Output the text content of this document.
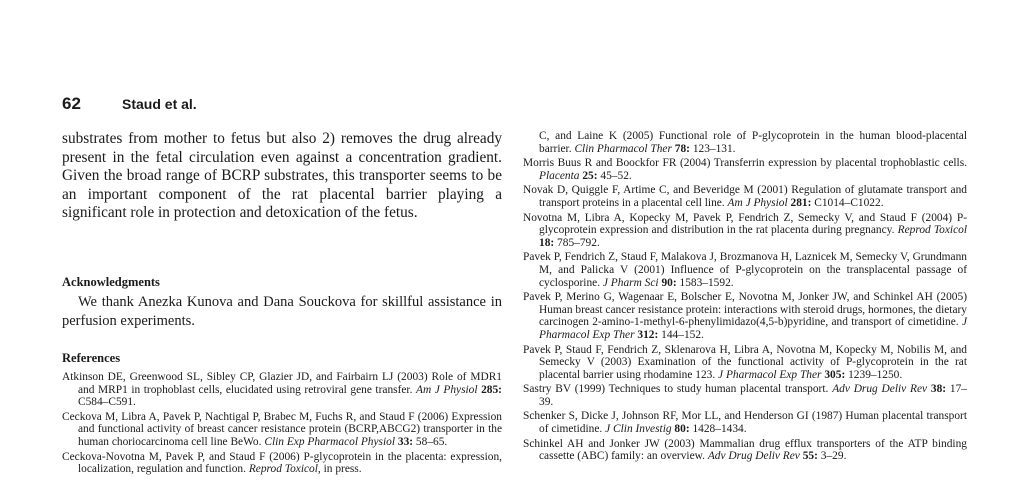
62	Staud et al.

substrates from mother to fetus but also 2) removes the drug already present in the fetal circulation even against a concentration gradient. Given the broad range of BCRP substrates, this transporter seems to be an important component of the rat placental barrier playing a significant role in protection and detoxication of the fetus.

Acknowledgments

We thank Anezka Kunova and Dana Souckova for skillful assistance in perfusion experiments.

References
Atkinson DE, Greenwood SL, Sibley CP, Glazier JD, and Fairbairn LJ (2003) Role of MDR1 and MRP1 in trophoblast cells, elucidated using retroviral gene transfer. Am J Physiol 285: C584–C591.
Ceckova M, Libra A, Pavek P, Nachtigal P, Brabec M, Fuchs R, and Staud F (2006) Expression and functional activity of breast cancer resistance protein (BCRP,ABCG2) transporter in the human choriocarcinoma cell line BeWo. Clin Exp Pharmacol Physiol 33: 58–65.
Ceckova-Novotna M, Pavek P, and Staud F (2006) P-glycoprotein in the placenta: expression, localization, regulation and function. Reprod Toxicol, in press.
C, and Laine K (2005) Functional role of P-glycoprotein in the human blood-placental barrier. Clin Pharmacol Ther 78: 123–131.
Morris Buus R and Boockfor FR (2004) Transferrin expression by placental trophoblastic cells. Placenta 25: 45–52.
Novak D, Quiggle F, Artime C, and Beveridge M (2001) Regulation of glutamate transport and transport proteins in a placental cell line. Am J Physiol 281: C1014–C1022.
Novotna M, Libra A, Kopecky M, Pavek P, Fendrich Z, Semecky V, and Staud F (2004) P-glycoprotein expression and distribution in the rat placenta during pregnancy. Reprod Toxicol 18: 785–792.
Pavek P, Fendrich Z, Staud F, Malakova J, Brozmanova H, Laznicek M, Semecky V, Grundmann M, and Palicka V (2001) Influence of P-glycoprotein on the transplacental passage of cyclosporine. J Pharm Sci 90: 1583–1592.
Pavek P, Merino G, Wagenaar E, Bolscher E, Novotna M, Jonker JW, and Schinkel AH (2005) Human breast cancer resistance protein: interactions with steroid drugs, hormones, the dietary carcinogen 2-amino-1-methyl-6-phenylimidazo(4,5-b)pyridine, and transport of cimetidine. J Pharmacol Exp Ther 312: 144–152.
Pavek P, Staud F, Fendrich Z, Sklenarova H, Libra A, Novotna M, Kopecky M, Nobilis M, and Semecky V (2003) Examination of the functional activity of P-glycoprotein in the rat placental barrier using rhodamine 123. J Pharmacol Exp Ther 305: 1239–1250.
Sastry BV (1999) Techniques to study human placental transport. Adv Drug Deliv Rev 38: 17–39.
Schenker S, Dicke J, Johnson RF, Mor LL, and Henderson GI (1987) Human placental transport of cimetidine. J Clin Investig 80: 1428–1434.
Schinkel AH and Jonker JW (2003) Mammalian drug efflux transporters of the ATP binding cassette (ABC) family: an overview. Adv Drug Deliv Rev 55: 3–29.
